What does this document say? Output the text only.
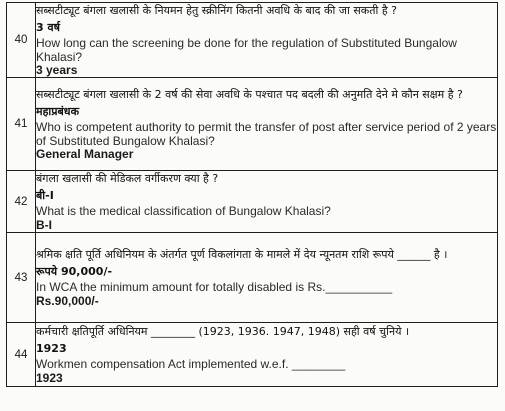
40	सब्सटीट्यूट बंगला खलासी के नियमन हेतु स्क्रीनिंग कितनी अवधि के बाद की जा सकती है ?
3 वर्ष
How long can the screening be done for the regulation of Substituted Bungalow Khalasi?
3 years

41	सब्सटीट्यूट बंगला खलासी के 2 वर्ष की सेवा अवधि के पश्चात पद बदली की अनुमति देने मे कौन सक्षम है ?
महाप्रबंधक
Who is competent authority to permit the transfer of post after service period of 2 years of Substituted Bungalow Khalasi?
General Manager

42	बंगला खलासी की मेडिकल वर्गीकरण क्या है ?
बी-I
What is the medical classification of Bungalow Khalasi?
B-I

43	श्रमिक क्षति पूर्ति अधिनियम के अंतर्गत पूर्ण विकलांगता के मामले में देय न्यूनतम राशि रूपये ______ है ।
रूपये 90,000/-
In WCA the minimum amount for totally disabled is Rs.__________
Rs.90,000/-

44	कर्मचारी क्षतिपूर्ति अधिनियम ________ (1923, 1936. 1947, 1948) सही वर्ष चुनिये ।
1923
Workmen compensation Act implemented w.e.f. ________
1923
